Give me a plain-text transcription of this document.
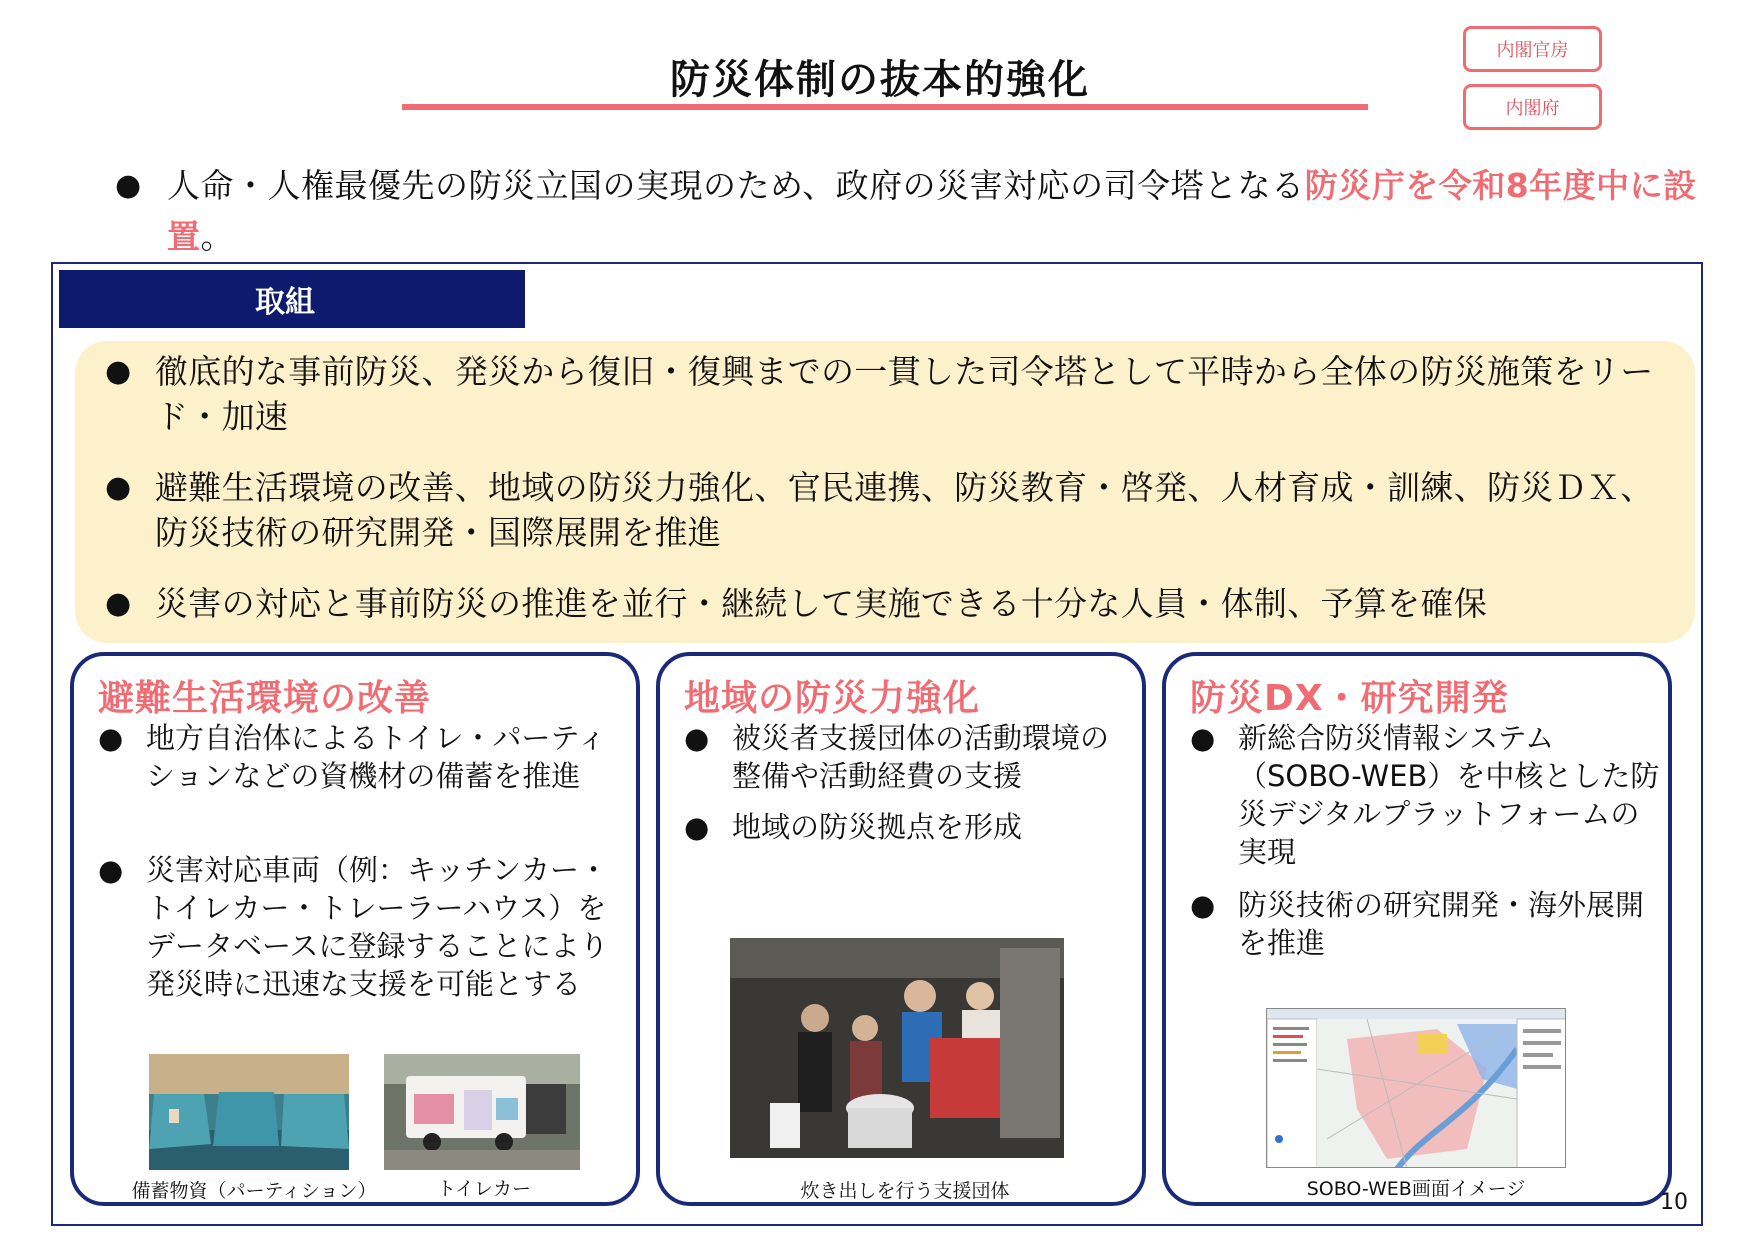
防災体制の抜本的強化
内閣官房
内閣府
● 人命・人権最優先の防災立国の実現のため、政府の災害対応の司令塔となる防災庁を令和8年度中に設置。
取組
● 徹底的な事前防災、発災から復旧・復興までの一貫した司令塔として平時から全体の防災施策をリード・加速
● 避難生活環境の改善、地域の防災力強化、官民連携、防災教育・啓発、人材育成・訓練、防災ＤＸ、防災技術の研究開発・国際展開を推進
● 災害の対応と事前防災の推進を並行・継続して実施できる十分な人員・体制、予算を確保
避難生活環境の改善
● 地方自治体によるトイレ・パーティションなどの資機材の備蓄を推進
● 災害対応車両（例：キッチンカー・トイレカー・トレーラーハウス）をデータベースに登録することにより発災時に迅速な支援を可能とする
備蓄物資（パーティション）	トイレカー
地域の防災力強化
● 被災者支援団体の活動環境の整備や活動経費の支援
● 地域の防災拠点を形成
炊き出しを行う支援団体
防災DX・研究開発
● 新総合防災情報システム（SOBO-WEB）を中核とした防災デジタルプラットフォームの実現
● 防災技術の研究開発・海外展開を推進
SOBO-WEB画面イメージ
10
